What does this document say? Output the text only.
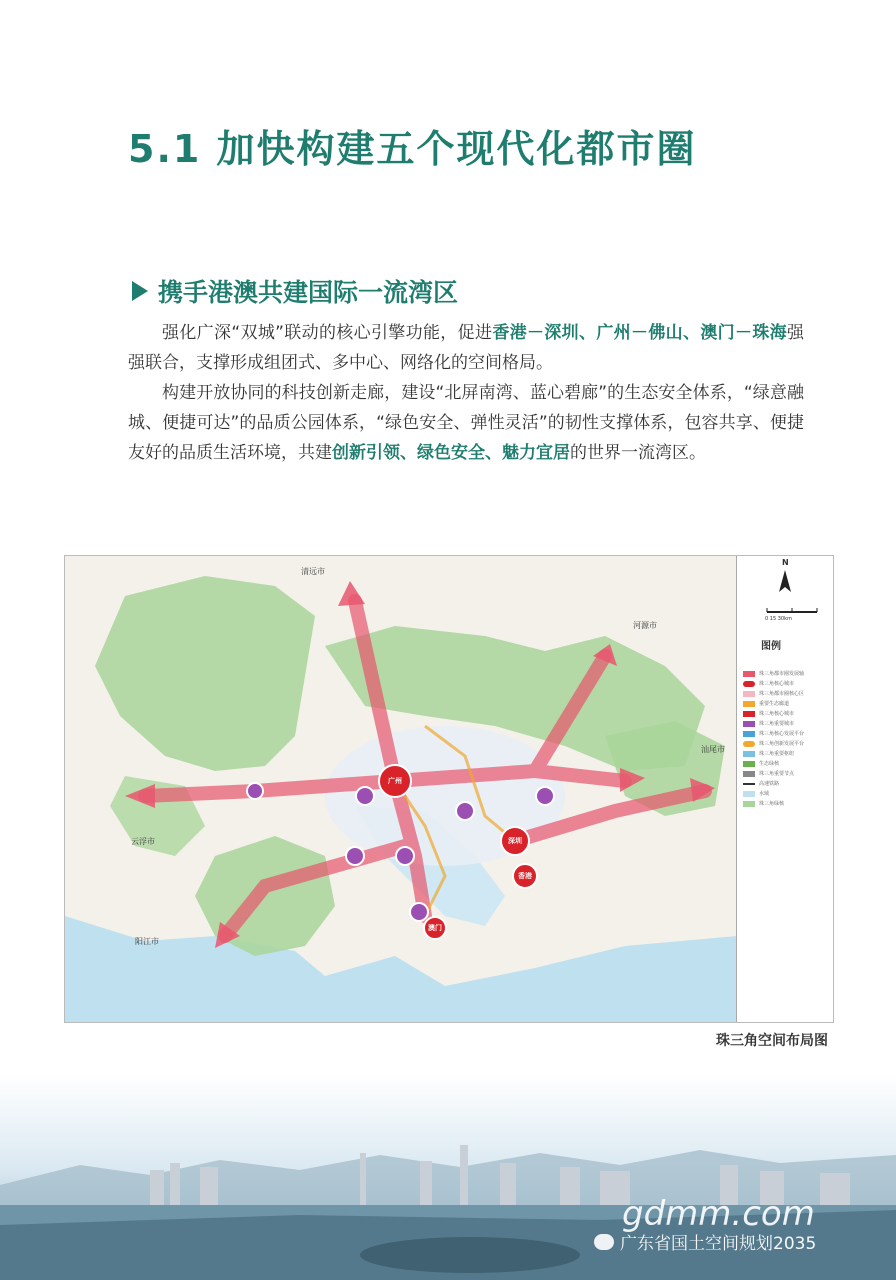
5.1 加快构建五个现代化都市圈
携手港澳共建国际一流湾区
强化广深“双城”联动的核心引擎功能，促进香港－深圳、广州－佛山、澳门－珠海强强联合，支撑形成组团式、多中心、网络化的空间格局。
构建开放协同的科技创新走廊，建设“北屏南湾、蓝心碧廊”的生态安全体系，“绿意融城、便捷可达”的品质公园体系，“绿色安全、弹性灵活”的韧性支撑体系，包容共享、便捷友好的品质生活环境，共建创新引领、绿色安全、魅力宜居的世界一流湾区。
清远市
河源市
云浮市
汕尾市
阳江市
广州
深圳
香港
澳门
N
0 15 30km
图例
珠三角都市圈发展轴
珠三角核心城市
珠三角都市圈核心区
重要生态廊道
珠三角核心城市
珠三角重要城市
珠三角核心发展平台
珠三角创新发展平台
珠三角重要枢纽
生态绿核
珠三角重要节点
高速铁路
水域
珠三角绿核
珠三角空间布局图
gdmm.com
广东省国土空间规划2035
